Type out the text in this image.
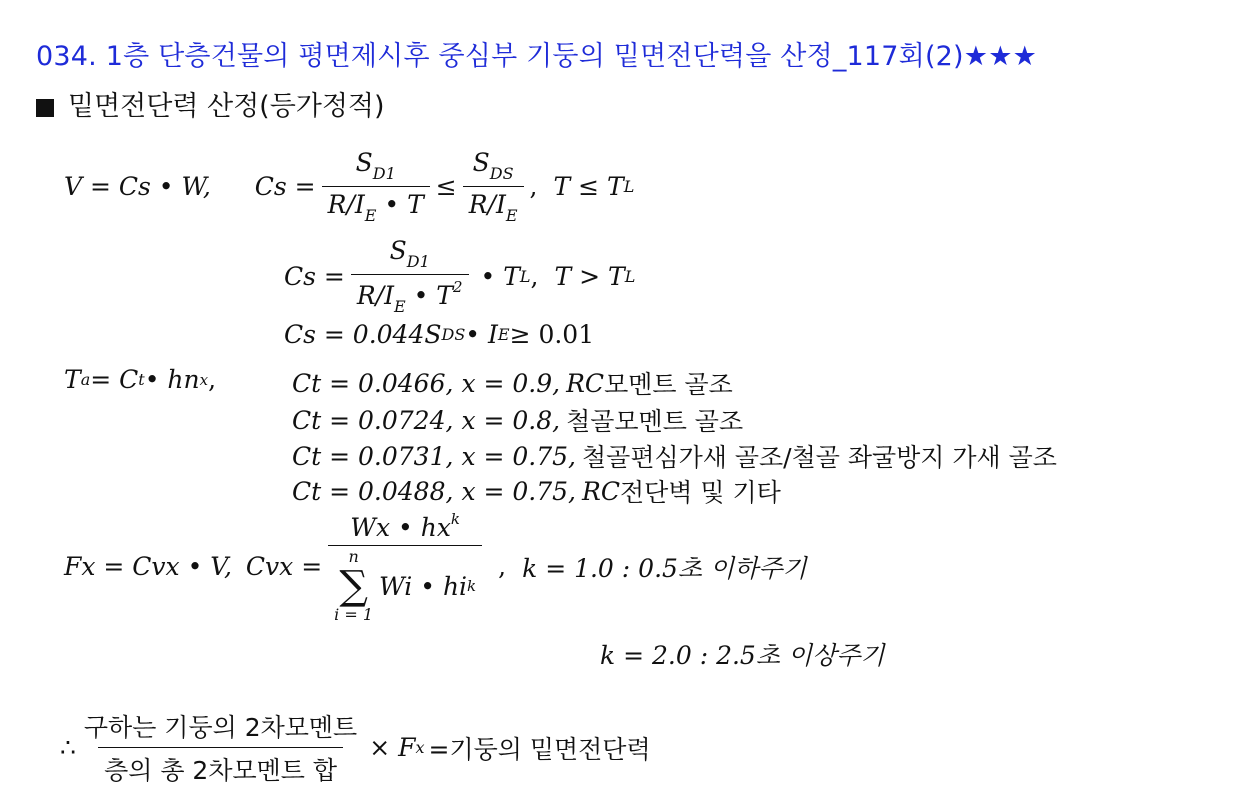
034. 1층 단층건물의 평면제시후 중심부 기둥의 밑면전단력을 산정_117회(2)★★★
밑면전단력 산정(등가정적)
V = Cs • W, $Cs = \frac{S_{D1}}{R/I_E • T} \le \frac{S_{DS}}{R/I_E}$ , T ≤ T L
$Cs = \frac{S_{D1}}{R/I_E • T^2}$ • T L , T > T L
Cs = 0.044S DS • I E ≥ 0.01
T a = C t • hn x ,	Ct = 0.0466, x = 0.9, RC 모멘트 골조
Ct = 0.0724, x = 0.8, 철골모멘트 골조
Ct = 0.0731, x = 0.75, 철골편심가새 골조/철골 좌굴방지 가새 골조
Ct = 0.0488, x = 0.75, RC 전단벽 및 기타
Fx = Cvx • V, Cvx = Wx • $hx^k$
n
∑
i = 1
Wi • hi k , k = 1.0 : 0.5초 이하주기
k = 2.0 : 2.5초 이상주기
∴ $\frac{\text{구하는 기둥의 2차모멘트}}{\text{층의 총 2차모멘트 합}} \times F$ x =기둥의 밑면전단력
